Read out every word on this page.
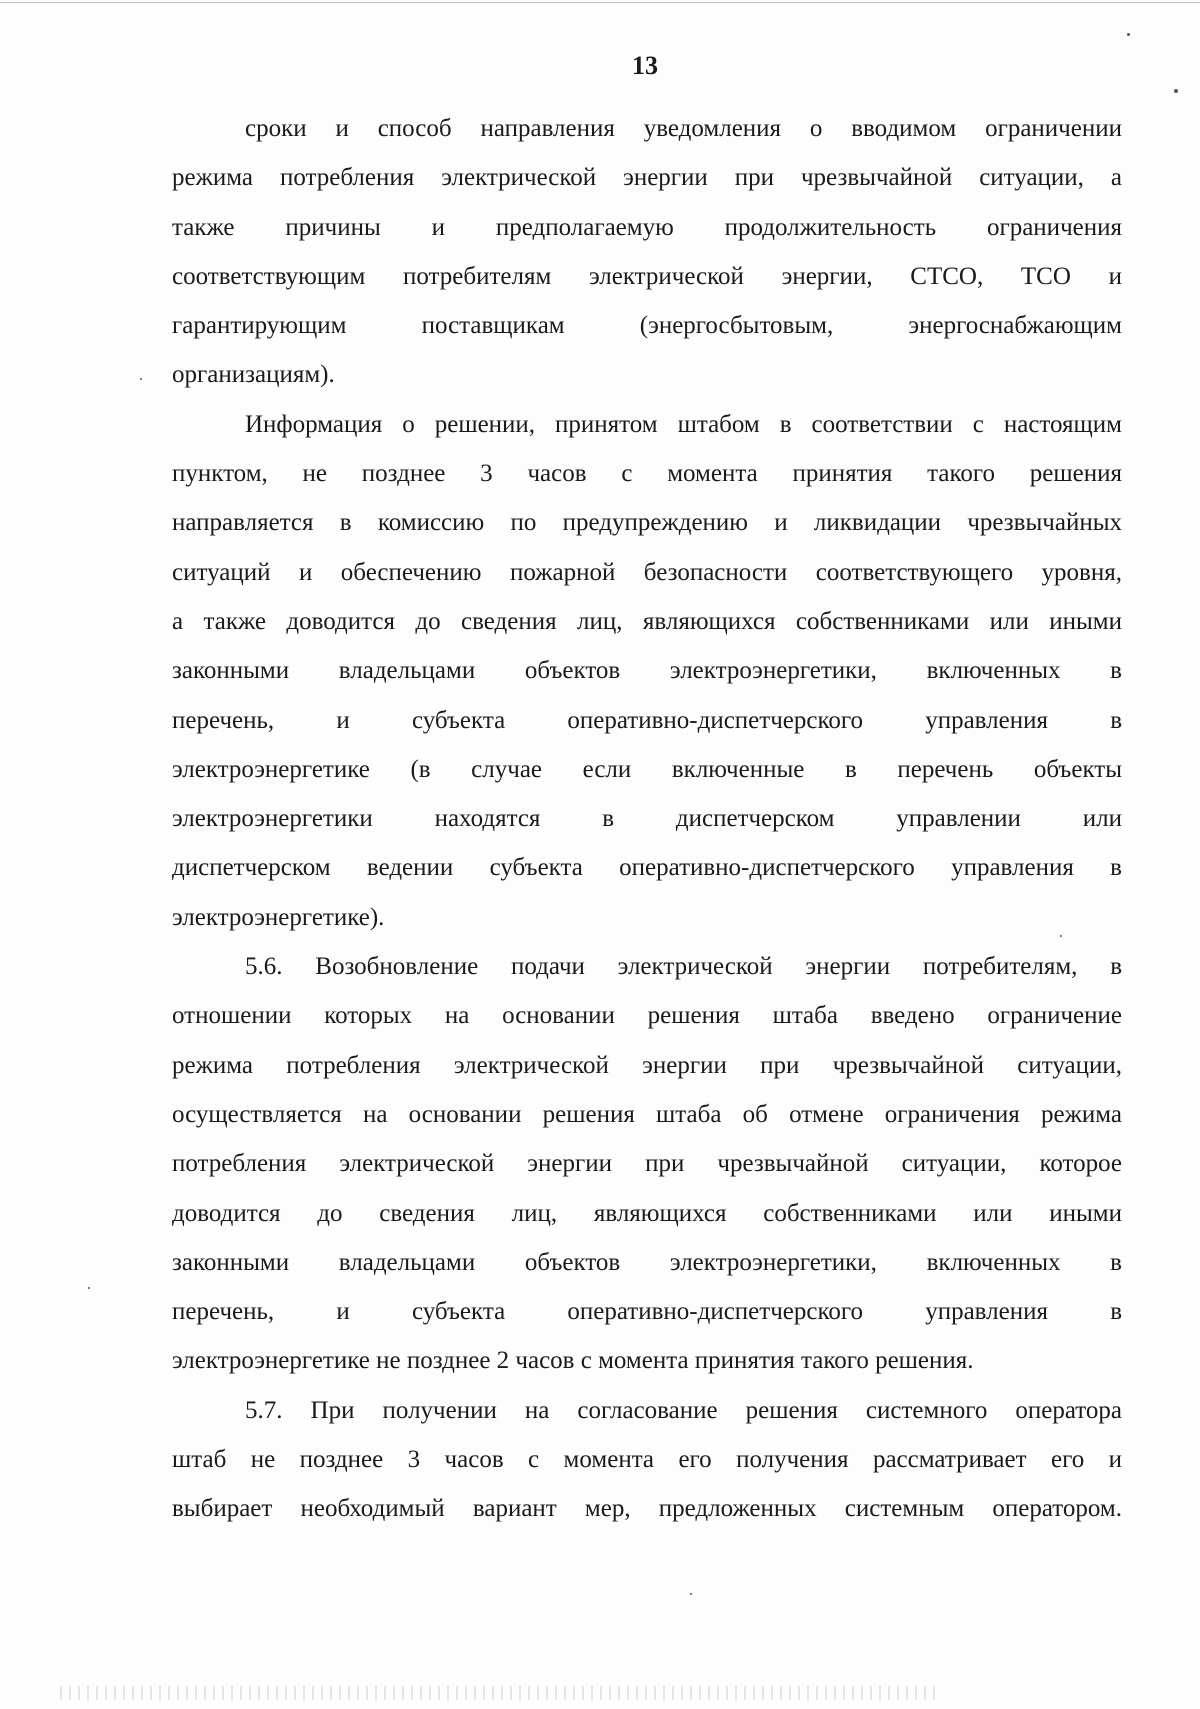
13
сроки и способ направления уведомления о вводимом ограничении
режима потребления электрической энергии при чрезвычайной ситуации, а
также причины и предполагаемую продолжительность ограничения
соответствующим потребителям электрической энергии, СТСО, ТСО и
гарантирующим поставщикам (энергосбытовым, энергоснабжающим
организациям).
Информация о решении, принятом штабом в соответствии с настоящим
пунктом, не позднее 3 часов с момента принятия такого решения
направляется в комиссию по предупреждению и ликвидации чрезвычайных
ситуаций и обеспечению пожарной безопасности соответствующего уровня,
а также доводится до сведения лиц, являющихся собственниками или иными
законными владельцами объектов электроэнергетики, включенных в
перечень, и субъекта оперативно-диспетчерского управления в
электроэнергетике (в случае если включенные в перечень объекты
электроэнергетики находятся в диспетчерском управлении или
диспетчерском ведении субъекта оперативно-диспетчерского управления в
электроэнергетике).
5.6. Возобновление подачи электрической энергии потребителям, в
отношении которых на основании решения штаба введено ограничение
режима потребления электрической энергии при чрезвычайной ситуации,
осуществляется на основании решения штаба об отмене ограничения режима
потребления электрической энергии при чрезвычайной ситуации, которое
доводится до сведения лиц, являющихся собственниками или иными
законными владельцами объектов электроэнергетики, включенных в
перечень, и субъекта оперативно-диспетчерского управления в
электроэнергетике не позднее 2 часов с момента принятия такого решения.
5.7. При получении на согласование решения системного оператора
штаб не позднее 3 часов с момента его получения рассматривает его и
выбирает необходимый вариант мер, предложенных системным оператором.
